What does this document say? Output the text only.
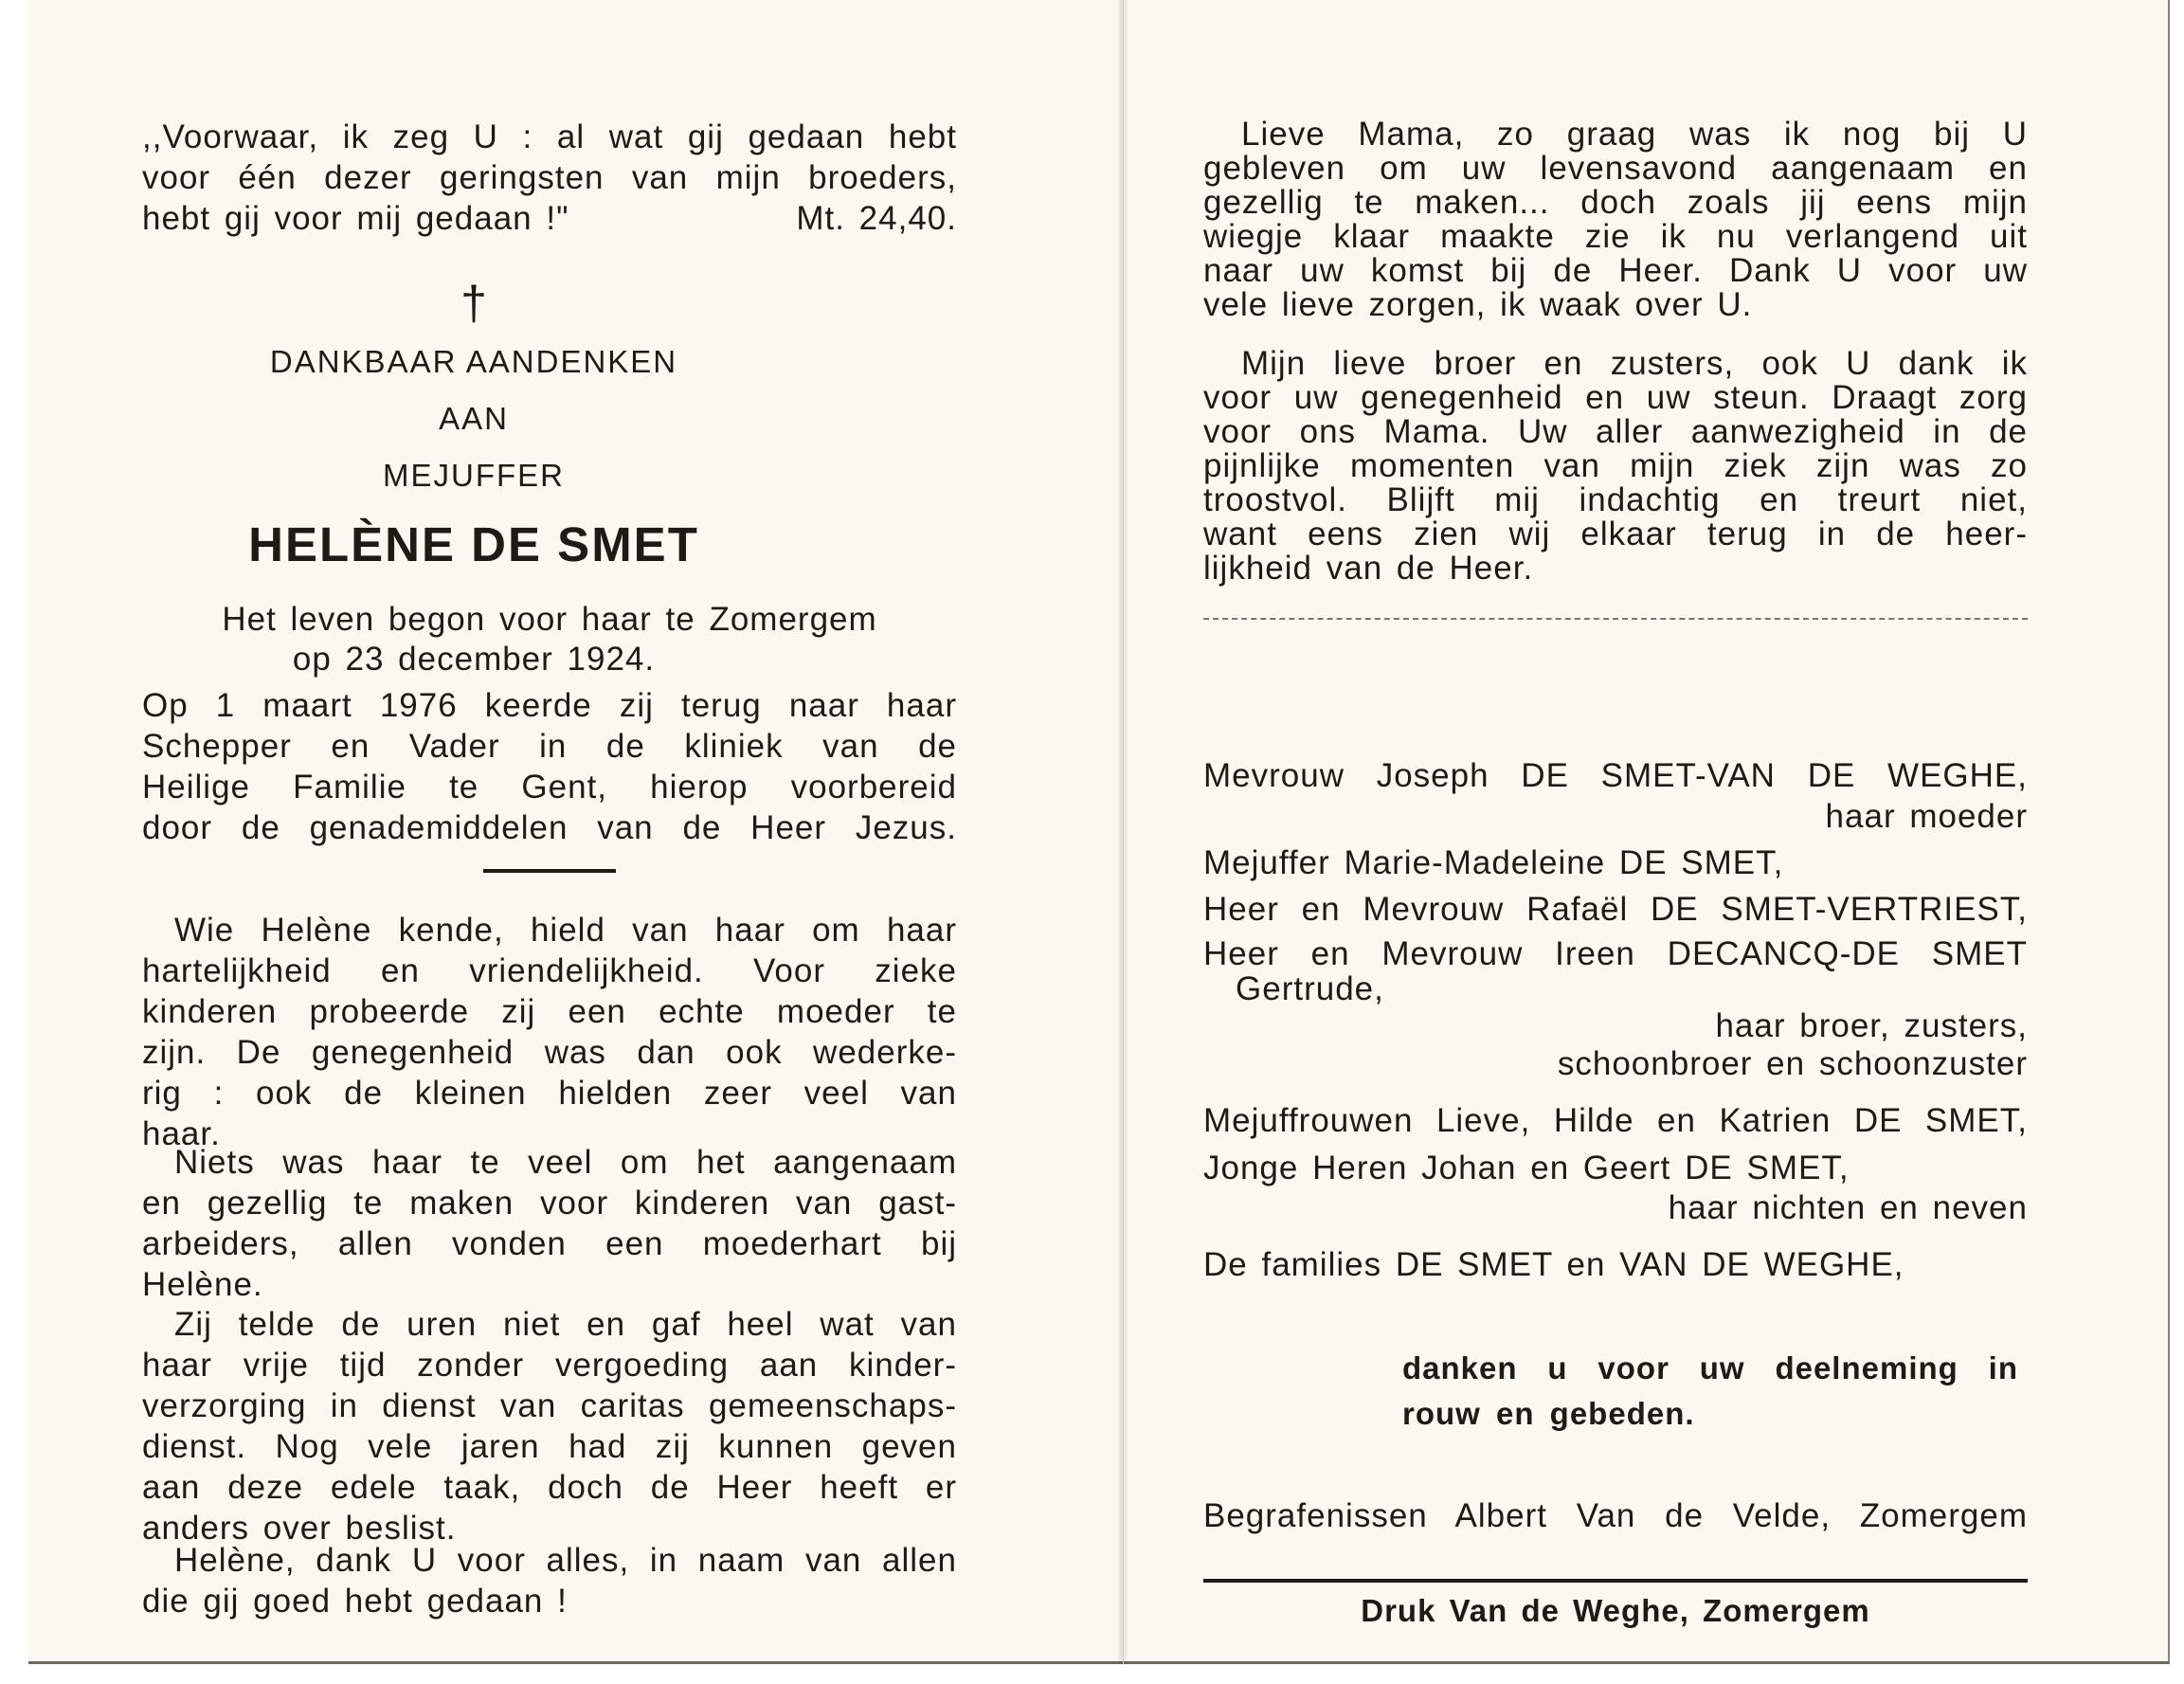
,,Voorwaar, ik zeg U : al wat gij gedaan hebt
voor één dezer geringsten van mijn broeders,
hebt gij voor mij gedaan !"	Mt. 24,40.
†
DANKBAAR AANDENKEN
AAN
MEJUFFER
HELÈNE DE SMET
Het leven begon voor haar te Zomergem
op 23 december 1924.
Op 1 maart 1976 keerde zij terug naar haar
Schepper en Vader in de kliniek van de
Heilige Familie te Gent, hierop voorbereid
door de genademiddelen van de Heer Jezus.
Wie Helène kende, hield van haar om haar
hartelijkheid en vriendelijkheid. Voor zieke
kinderen probeerde zij een echte moeder te
zijn. De genegenheid was dan ook wederke-
rig : ook de kleinen hielden zeer veel van
haar.
Niets was haar te veel om het aangenaam
en gezellig te maken voor kinderen van gast-
arbeiders, allen vonden een moederhart bij
Helène.
Zij telde de uren niet en gaf heel wat van
haar vrije tijd zonder vergoeding aan kinder-
verzorging in dienst van caritas gemeenschaps-
dienst. Nog vele jaren had zij kunnen geven
aan deze edele taak, doch de Heer heeft er
anders over beslist.
Helène, dank U voor alles, in naam van allen
die gij goed hebt gedaan !
Lieve Mama, zo graag was ik nog bij U
gebleven om uw levensavond aangenaam en
gezellig te maken... doch zoals jij eens mijn
wiegje klaar maakte zie ik nu verlangend uit
naar uw komst bij de Heer. Dank U voor uw
vele lieve zorgen, ik waak over U.
Mijn lieve broer en zusters, ook U dank ik
voor uw genegenheid en uw steun. Draagt zorg
voor ons Mama. Uw aller aanwezigheid in de
pijnlijke momenten van mijn ziek zijn was zo
troostvol. Blijft mij indachtig en treurt niet,
want eens zien wij elkaar terug in de heer-
lijkheid van de Heer.
Mevrouw Joseph DE SMET-VAN DE WEGHE,
haar moeder
Mejuffer Marie-Madeleine DE SMET,
Heer en Mevrouw Rafaël DE SMET-VERTRIEST,
Heer en Mevrouw Ireen DECANCQ-DE SMET
Gertrude,
haar broer, zusters,
schoonbroer en schoonzuster
Mejuffrouwen Lieve, Hilde en Katrien DE SMET,
Jonge Heren Johan en Geert DE SMET,
haar nichten en neven
De families DE SMET en VAN DE WEGHE,
danken u voor uw deelneming in
rouw en gebeden.
Begrafenissen Albert Van de Velde, Zomergem
Druk Van de Weghe, Zomergem
